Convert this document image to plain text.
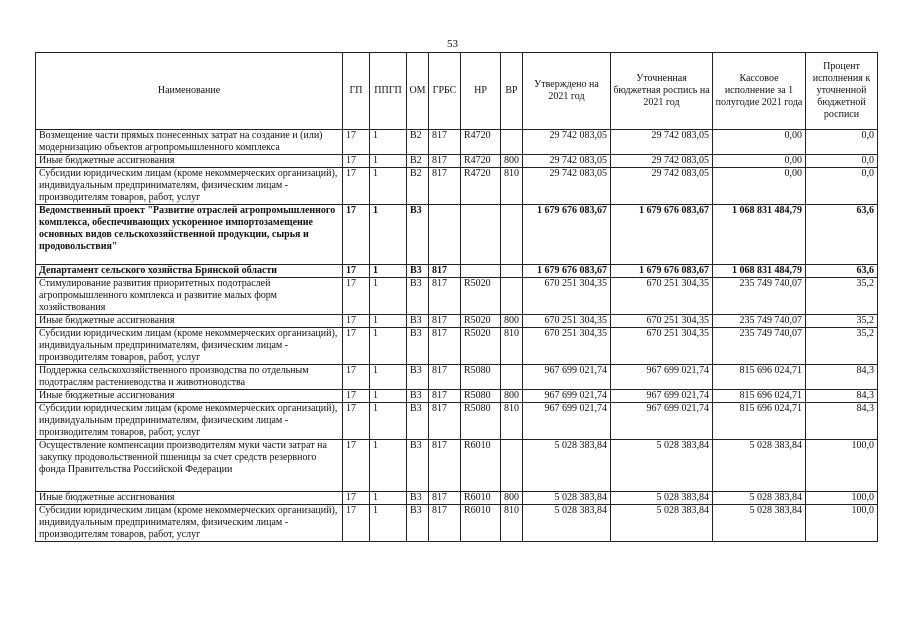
53
Наименование	ГП	ППГП	ОМ	ГРБС	НР	ВР	Утверждено на 2021 год	Уточненная бюджетная роспись на 2021 год	Кассовое исполнение за 1 полугодие 2021 года	Процент исполнения к уточненной бюджетной росписи
Возмещение части прямых понесенных затрат на создание и (или) модернизацию объектов агропромышленного комплекса	17	1	В2	817	R4720		29 742 083,05	29 742 083,05	0,00	0,0
Иные бюджетные ассигнования	17	1	В2	817	R4720	800	29 742 083,05	29 742 083,05	0,00	0,0
Субсидии юридическим лицам (кроме некоммерческих организаций), индивидуальным предпринимателям, физическим лицам - производителям товаров, работ, услуг	17	1	В2	817	R4720	810	29 742 083,05	29 742 083,05	0,00	0,0
Ведомственный проект "Развитие отраслей агропромышленного комплекса, обеспечивающих ускоренное импортозамещение основных видов сельскохозяйственной продукции, сырья и продовольствия"	17	1	В3				1 679 676 083,67	1 679 676 083,67	1 068 831 484,79	63,6
Департамент сельского хозяйства Брянской области	17	1	В3	817			1 679 676 083,67	1 679 676 083,67	1 068 831 484,79	63,6
Стимулирование развития приоритетных подотраслей агропромышленного комплекса и развитие малых форм хозяйствования	17	1	В3	817	R5020		670 251 304,35	670 251 304,35	235 749 740,07	35,2
Иные бюджетные ассигнования	17	1	В3	817	R5020	800	670 251 304,35	670 251 304,35	235 749 740,07	35,2
Субсидии юридическим лицам (кроме некоммерческих организаций), индивидуальным предпринимателям, физическим лицам - производителям товаров, работ, услуг	17	1	В3	817	R5020	810	670 251 304,35	670 251 304,35	235 749 740,07	35,2
Поддержка сельскохозяйственного производства по отдельным подотраслям растениеводства и животноводства	17	1	В3	817	R5080		967 699 021,74	967 699 021,74	815 696 024,71	84,3
Иные бюджетные ассигнования	17	1	В3	817	R5080	800	967 699 021,74	967 699 021,74	815 696 024,71	84,3
Субсидии юридическим лицам (кроме некоммерческих организаций), индивидуальным предпринимателям, физическим лицам - производителям товаров, работ, услуг	17	1	В3	817	R5080	810	967 699 021,74	967 699 021,74	815 696 024,71	84,3
Осуществление компенсации производителям муки части затрат на закупку продовольственной пшеницы за счет средств резервного фонда Правительства Российской Федерации	17	1	В3	817	R6010		5 028 383,84	5 028 383,84	5 028 383,84	100,0
Иные бюджетные ассигнования	17	1	В3	817	R6010	800	5 028 383,84	5 028 383,84	5 028 383,84	100,0
Субсидии юридическим лицам (кроме некоммерческих организаций), индивидуальным предпринимателям, физическим лицам - производителям товаров, работ, услуг	17	1	В3	817	R6010	810	5 028 383,84	5 028 383,84	5 028 383,84	100,0
